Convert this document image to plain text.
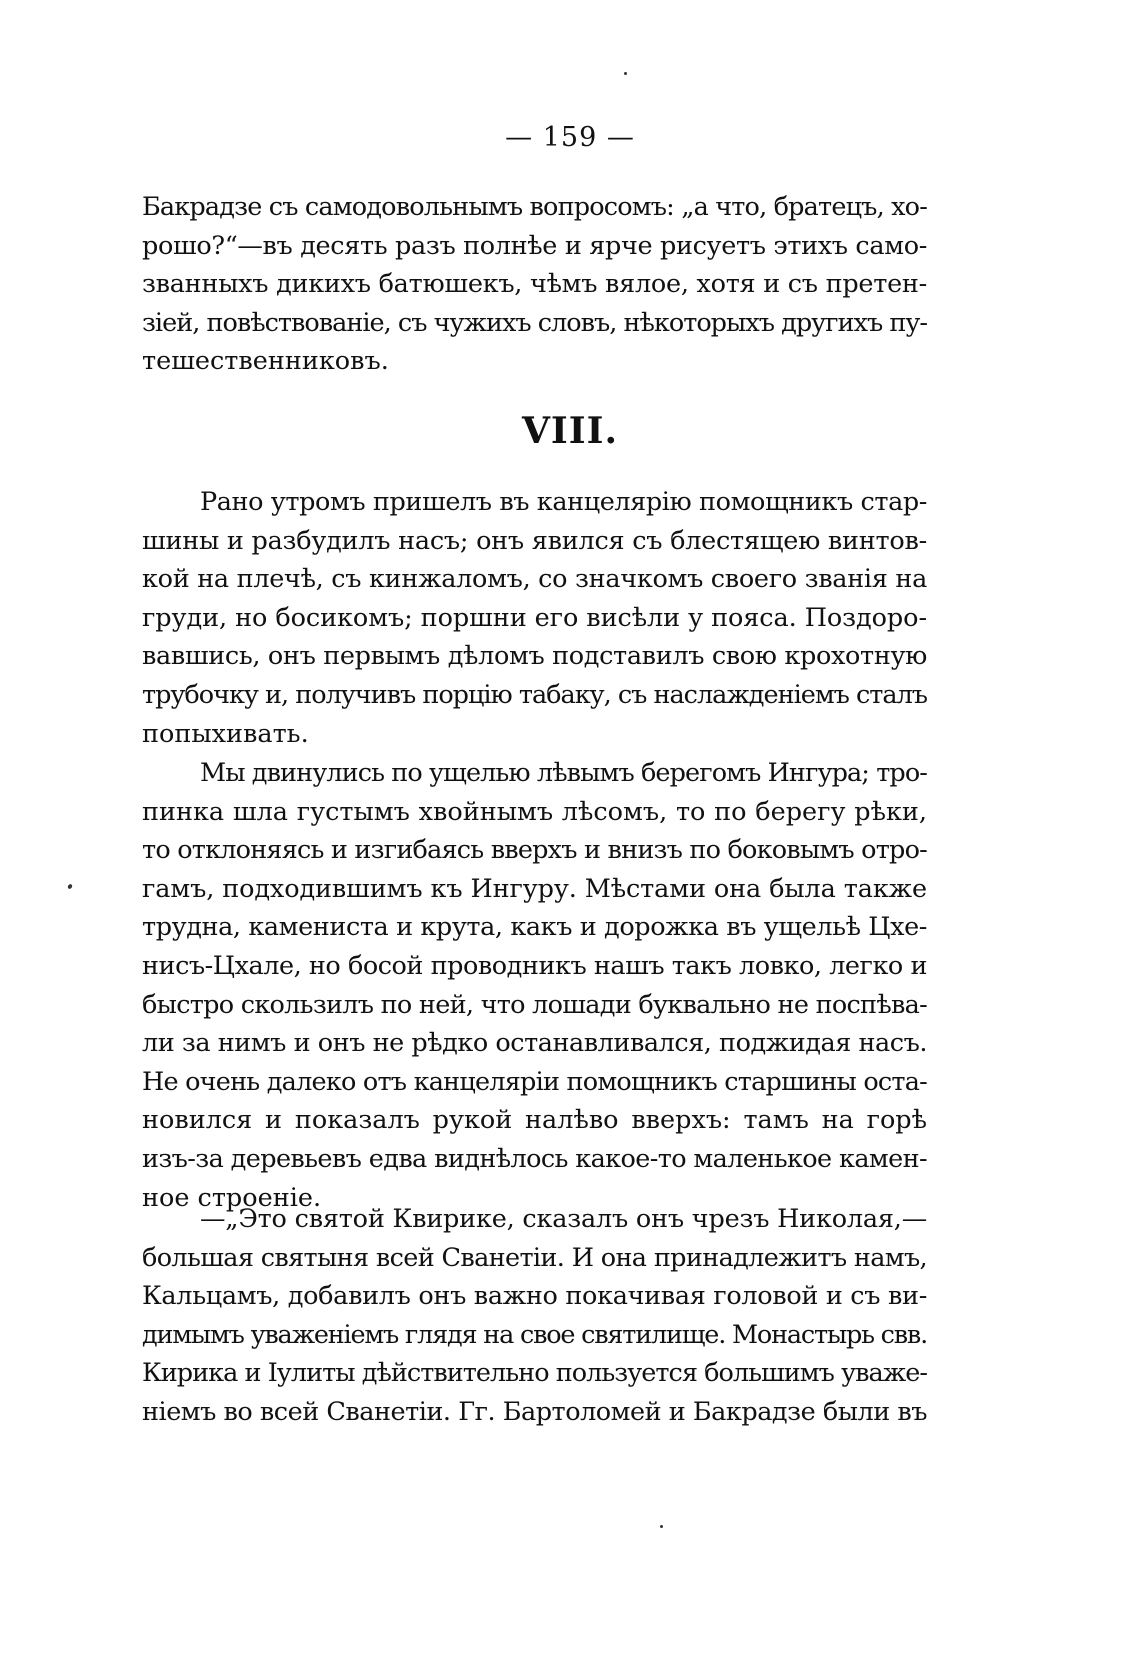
— 159 —
Бакрадзе съ самодовольнымъ вопросомъ: „а что, братецъ, хо-
рошо?“—въ десять разъ полнѣе и ярче рисуетъ этихъ само-
званныхъ дикихъ батюшекъ, чѣмъ вялое, хотя и съ претен-
зіей, повѣствованіе, съ чужихъ словъ, нѣкоторыхъ другихъ пу-
тешественниковъ.
VIII.
Рано утромъ пришелъ въ канцелярію помощникъ стар-
шины и разбудилъ насъ; онъ явился съ блестящею винтов-
кой на плечѣ, съ кинжаломъ, со значкомъ своего званія на
груди, но босикомъ; поршни его висѣли у пояса. Поздоро-
вавшись, онъ первымъ дѣломъ подставилъ свою крохотную
трубочку и, получивъ порцію табаку, съ наслажденіемъ сталъ
попыхивать.
Мы двинулись по ущелью лѣвымъ берегомъ Ингура; тро-
пинка шла густымъ хвойнымъ лѣсомъ, то по берегу рѣки,
то отклоняясь и изгибаясь вверхъ и внизъ по боковымъ отро-
гамъ, подходившимъ къ Ингуру. Мѣстами она была также
трудна, камениста и крута, какъ и дорожка въ ущельѣ Цхе-
нисъ-Цхале, но босой проводникъ нашъ такъ ловко, легко и
быстро скользилъ по ней, что лошади буквально не поспѣва-
ли за нимъ и онъ не рѣдко останавливался, поджидая насъ.
Не очень далеко отъ канцеляріи помощникъ старшины оста-
новился и показалъ рукой налѣво вверхъ: тамъ на горѣ
изъ-за деревьевъ едва виднѣлось какое-то маленькое камен-
ное строеніе.
—„Это святой Квирике, сказалъ онъ чрезъ Николая,—
большая святыня всей Сванетіи. И она принадлежитъ намъ,
Кальцамъ, добавилъ онъ важно покачивая головой и съ ви-
димымъ уваженіемъ глядя на свое святилище. Монастырь свв.
Кирика и Іулиты дѣйствительно пользуется большимъ уваже-
ніемъ во всей Сванетіи. Гг. Бартоломей и Бакрадзе были въ
